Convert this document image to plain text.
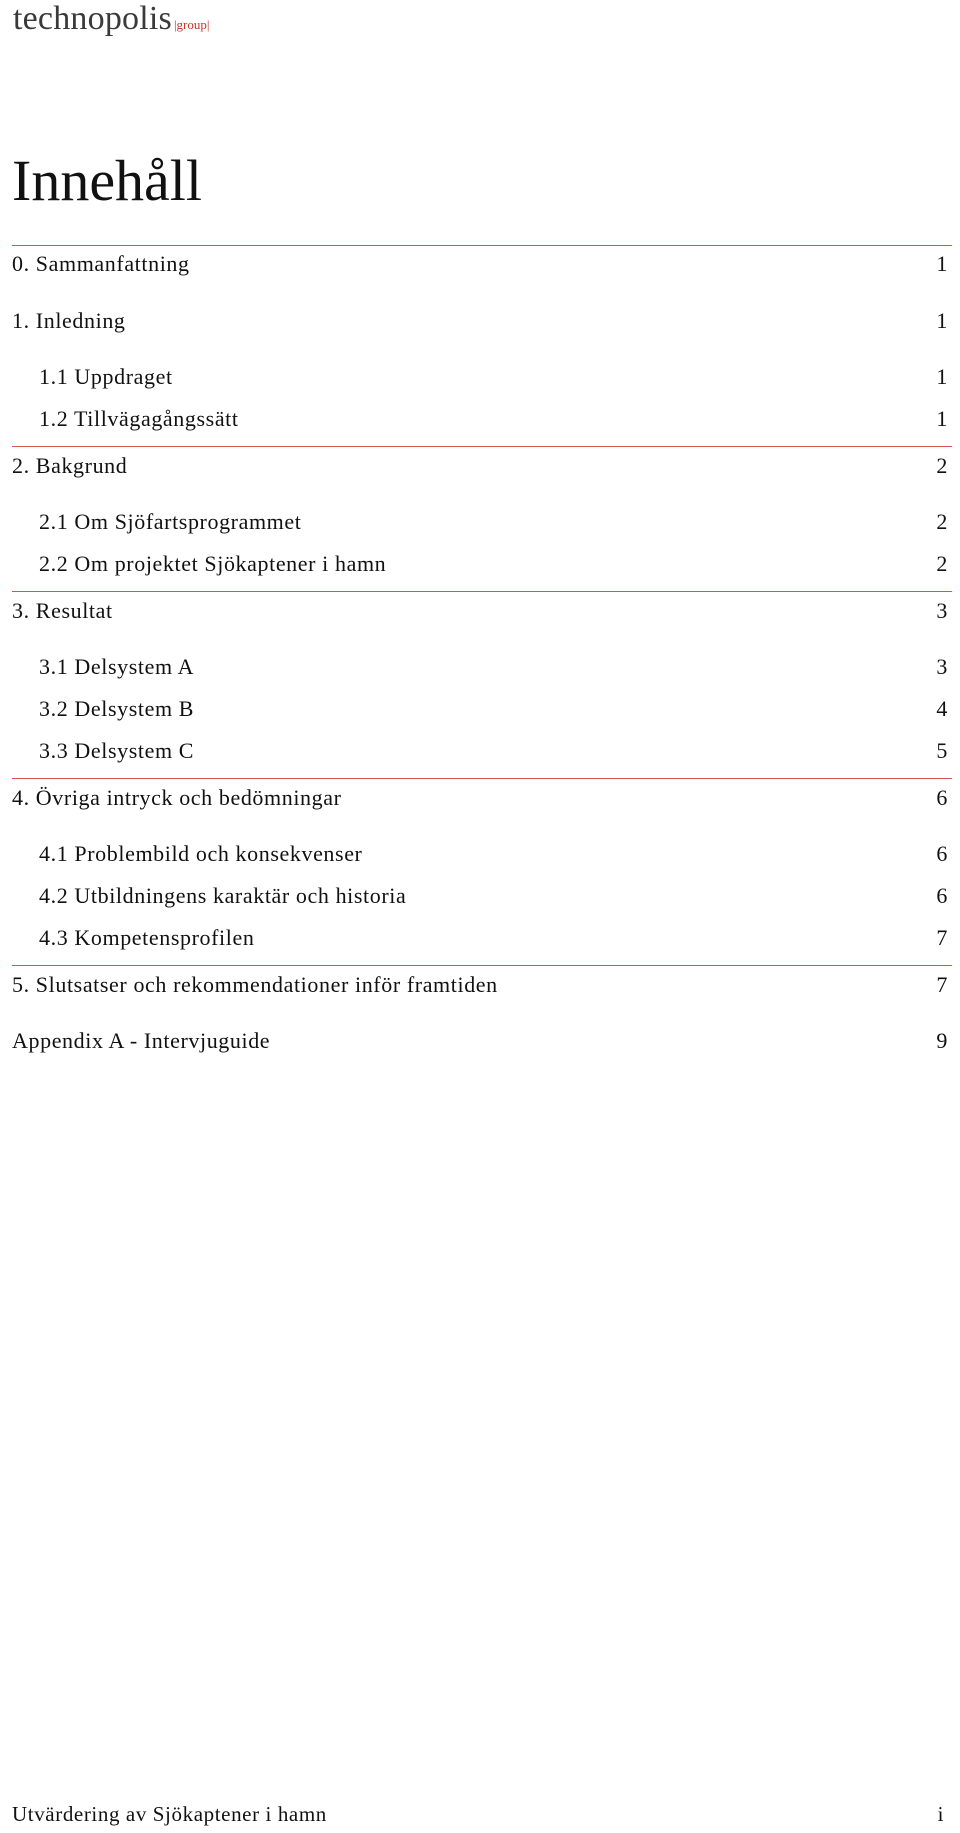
technopolis |group|
Innehåll
0. Sammanfattning	1
1. Inledning	1
1.1 Uppdraget	1
1.2 Tillvägagångssätt	1
2. Bakgrund	2
2.1 Om Sjöfartsprogrammet	2
2.2 Om projektet Sjökaptener i hamn	2
3. Resultat	3
3.1 Delsystem A	3
3.2 Delsystem B	4
3.3 Delsystem C	5
4. Övriga intryck och bedömningar	6
4.1 Problembild och konsekvenser	6
4.2 Utbildningens karaktär och historia	6
4.3 Kompetensprofilen	7
5. Slutsatser och rekommendationer inför framtiden	7
Appendix A - Intervjuguide	9
Utvärdering av Sjökaptener i hamn	i
